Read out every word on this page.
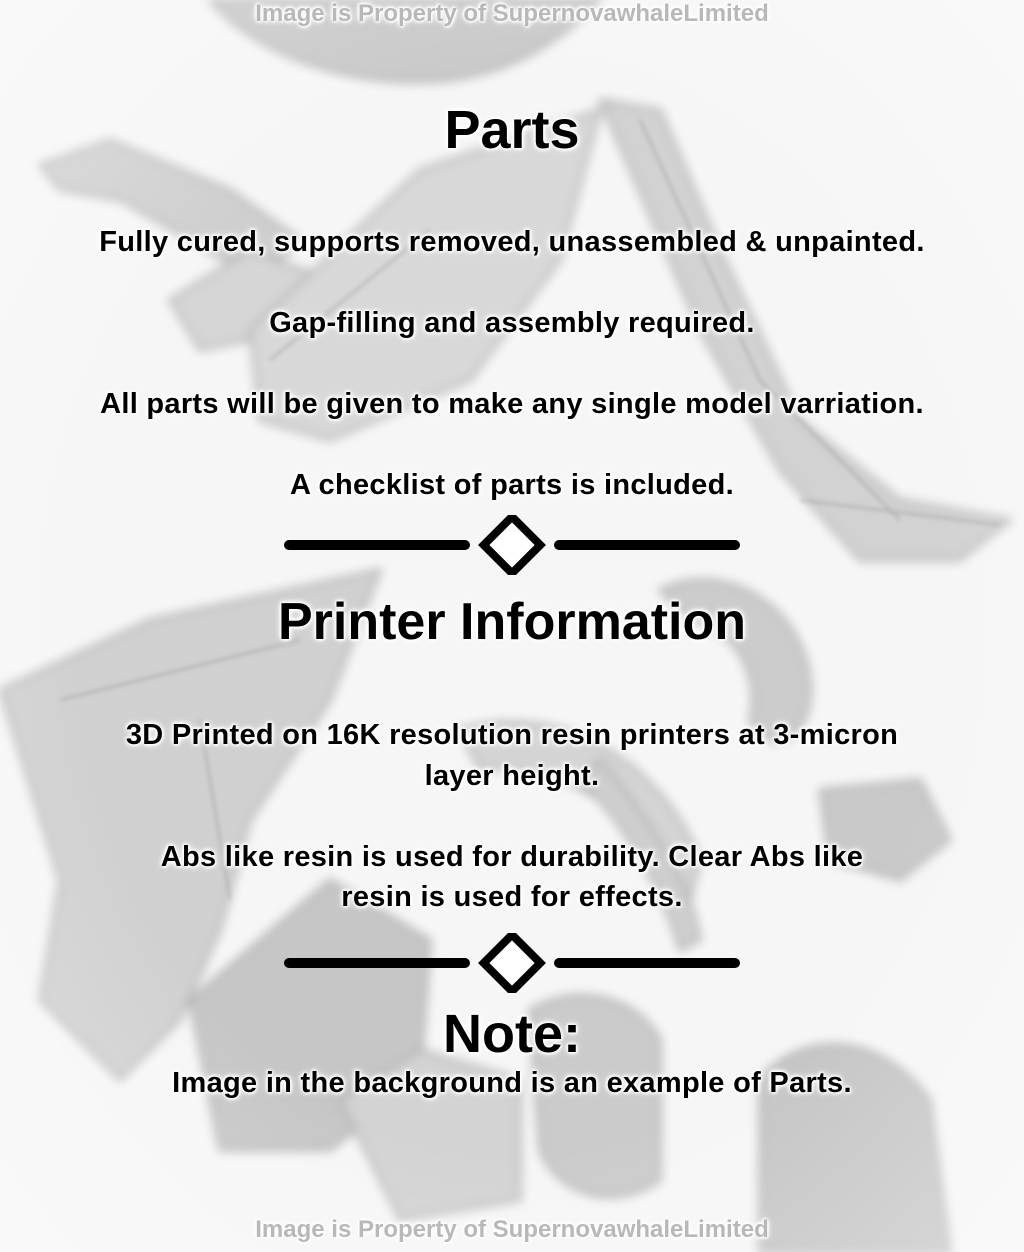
Image is Property of SupernovawhaleLimited
Parts

Fully cured, supports removed, unassembled & unpainted.

Gap-filling and assembly required.

All parts will be given to make any single model varriation.

A checklist of parts is included.

Printer Information

3D Printed on 16K resolution resin printers at 3-micron

layer height.

Abs like resin is used for durability. Clear Abs like

resin is used for effects.

Note:

Image in the background is an example of Parts.

Image is Property of SupernovawhaleLimited
